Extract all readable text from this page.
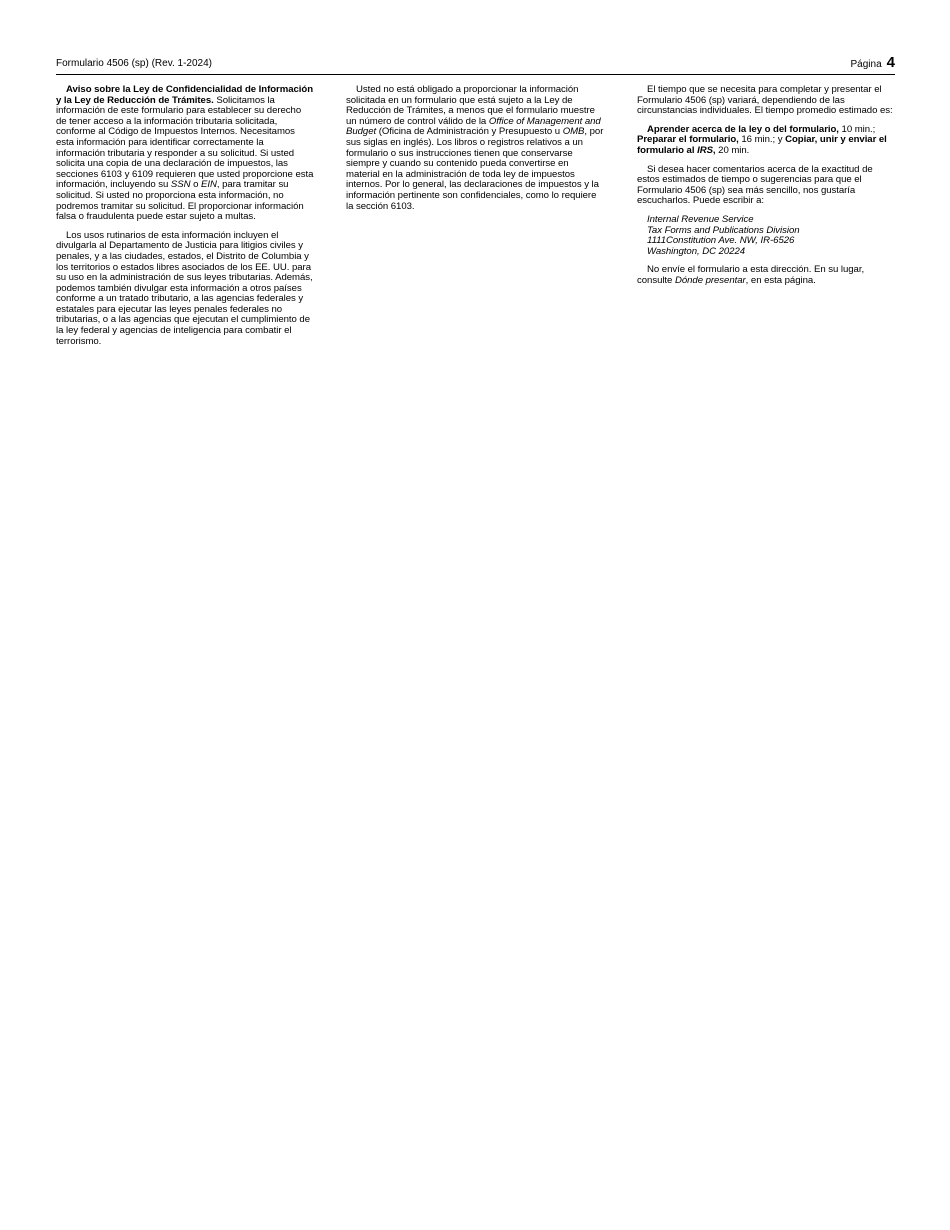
Formulario 4506 (sp) (Rev. 1-2024)	Página 4

Aviso sobre la Ley de Confidencialidad de Información y la Ley de Reducción de Trámites. Solicitamos la información de este formulario para establecer su derecho de tener acceso a la información tributaria solicitada, conforme al Código de Impuestos Internos. Necesitamos esta información para identificar correctamente la información tributaria y responder a su solicitud. Si usted solicita una copia de una declaración de impuestos, las secciones 6103 y 6109 requieren que usted proporcione esta información, incluyendo su SSN o EIN, para tramitar su solicitud. Si usted no proporciona esta información, no podremos tramitar su solicitud. El proporcionar información falsa o fraudulenta puede estar sujeto a multas.

Los usos rutinarios de esta información incluyen el divulgarla al Departamento de Justicia para litigios civiles y penales, y a las ciudades, estados, el Distrito de Columbia y los territorios o estados libres asociados de los EE. UU. para su uso en la administración de sus leyes tributarias. Además, podemos también divulgar esta información a otros países conforme a un tratado tributario, a las agencias federales y estatales para ejecutar las leyes penales federales no tributarias, o a las agencias que ejecutan el cumplimiento de la ley federal y agencias de inteligencia para combatir el terrorismo.

Usted no está obligado a proporcionar la información solicitada en un formulario que está sujeto a la Ley de Reducción de Trámites, a menos que el formulario muestre un número de control válido de la Office of Management and Budget (Oficina de Administración y Presupuesto u OMB, por sus siglas en inglés). Los libros o registros relativos a un formulario o sus instrucciones tienen que conservarse siempre y cuando su contenido pueda convertirse en material en la administración de toda ley de impuestos internos. Por lo general, las declaraciones de impuestos y la información pertinente son confidenciales, como lo requiere la sección 6103.

El tiempo que se necesita para completar y presentar el Formulario 4506 (sp) variará, dependiendo de las circunstancias individuales. El tiempo promedio estimado es:

Aprender acerca de la ley o del formulario, 10 min.; Preparar el formulario, 16 min.; y Copiar, unir y enviar el formulario al IRS, 20 min.

Si desea hacer comentarios acerca de la exactitud de estos estimados de tiempo o sugerencias para que el Formulario 4506 (sp) sea más sencillo, nos gustaría escucharlos. Puede escribir a:

Internal Revenue Service
Tax Forms and Publications Division
1111Constitution Ave. NW, IR-6526
Washington, DC 20224

No envíe el formulario a esta dirección. En su lugar, consulte Dónde presentar, en esta página.
